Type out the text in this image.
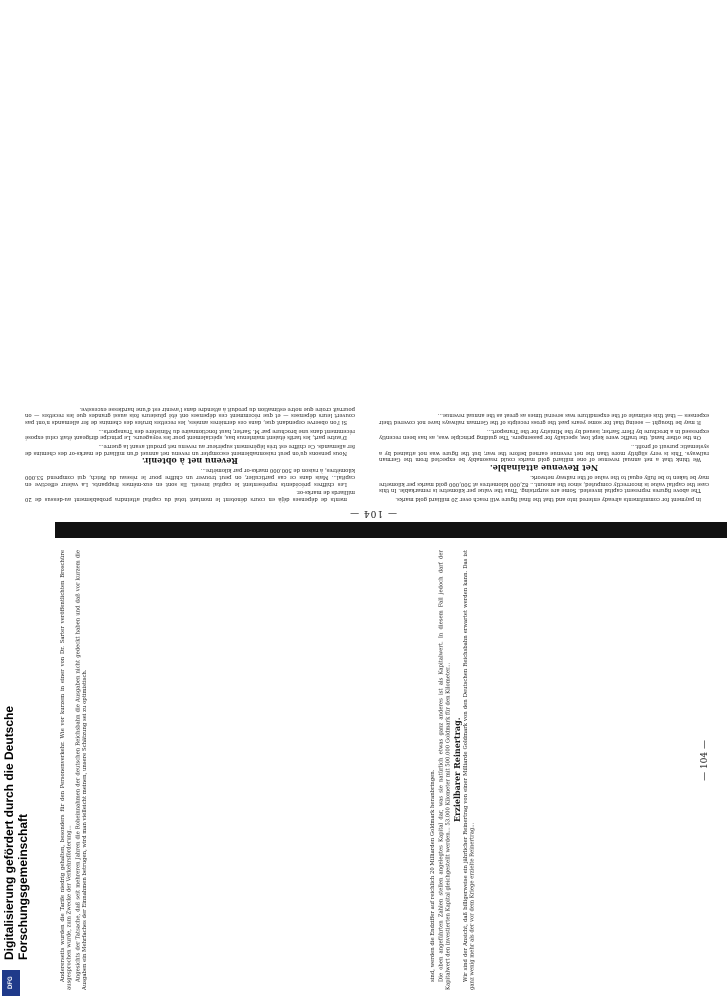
— 104 —

in payment for commitments already entered into and that the final figure will reach over 20 milliard gold marks.

The above figures represent capital invested. Some are surprising. Thus the value per kilometre is remarkable. In this case the capital value is incorrectly computed, since the amount... 82,000 kilometres at 500,000 gold marks per kilometre may be taken to be fully equal to the value of the railway network.

Net Revenue attainable.

We think that a net annual revenue of one milliard gold marks could reasonably be expected from the German railways. This is very slightly more than the net revenue earned before the war; but the figure was not attained by a systematic pursuit of profit...

On the other hand, the traffic were kept low, specially for passengers. The guiding principle was, as has been recently expressed in a brochure by Herr Sarter, issued by the Ministry for the Transport...

It may be thought — seeing that for some years past the gross receipts of the German railways have not covered their expenses — that this estimate of the expenditure was several times as great as the annual revenue...

ments de dépenses déjà en cours dénotent le montant total du capital atteindra probablement au-dessus de 20 milliards de marks-or.

Les chiffres précédents représentent le capital investi. Ils sont en eux-mêmes frappants. La valeur effective en capital... Mais dans ce cas particulier, on peut trouver un chiffre pour le réseau du Reich, qui comprend 53.000 kilomètres, à raison de 500.000 marks-or par kilomètre...

Revenu net à obtenir.

Nous pensons qu'on peut raisonnablement escompter un revenu net annuel d'un milliard de marks-or des chemins de fer allemands. Ce chiffre est très légèrement supérieur au revenu net produit avant la guerre...

D'autre part, les tarifs étaient maintenus bas, spécialement pour les voyageurs. Le principe dirigeant était celui exposé récemment dans une brochure par M. Sarter, haut fonctionnaire du Ministère des Transports...

Si l'on observe cependant que, dans ces dernières années, les recettes brutes des chemins de fer allemands n'ont pas couvert leurs dépenses — et que récemment ces dépenses ont été plusieurs fois aussi grandes que les recettes — on pourrait croire que notre estimation du produit à attendre dans l'avenir est d'une hardiesse excessive.

— 104 —

sind, werden die Endziffer auf reichlich 20 Milliarden Goldmark heranbringen. Die oben angeführten Zahlen stellen angelegtes Kapital dar, was sie natürlich etwas ganz anderes ist als Kapitalwert. In diesem Fall jedoch darf der Kapitalwert den investierten Kapital gleichgestellt werden... 53.000 Kilometer mit 500.000 Goldmark für den Kilometer... Erzielbarer Reinertrag. Wir sind der Ansicht, daß billigerweise ein jährlicher Reinertrag von einer Milliarde Goldmark von den Deutschen Reichsbahn erwartet werden kann. Das ist ganz wenig mehr als der vor dem Kriege erzielte Reinertrag...

Andererseits wurden die Tarife niedrig gehalten, besonders für den Personenverkehr. Wie vor kurzem in einer von Dr. Sarter veröffentlichten Broschüre ausgesprochen wurde, zum Zwecke der Verkehrsförderung... Angesichts der Tatsache, daß seit mehreren Jahren die Roheinnahmen der deutschen Reichsbahn die Ausgaben nicht gedeckt haben und daß vor kurzem die Ausgaben ein Mehrfaches der Einnahmen betrugen, wird man vielleicht meinen, unsere Schätzung sei zu optimistisch.

Digitalisierung gefördert durch die Deutsche Forschungsgemeinschaft
DFG
